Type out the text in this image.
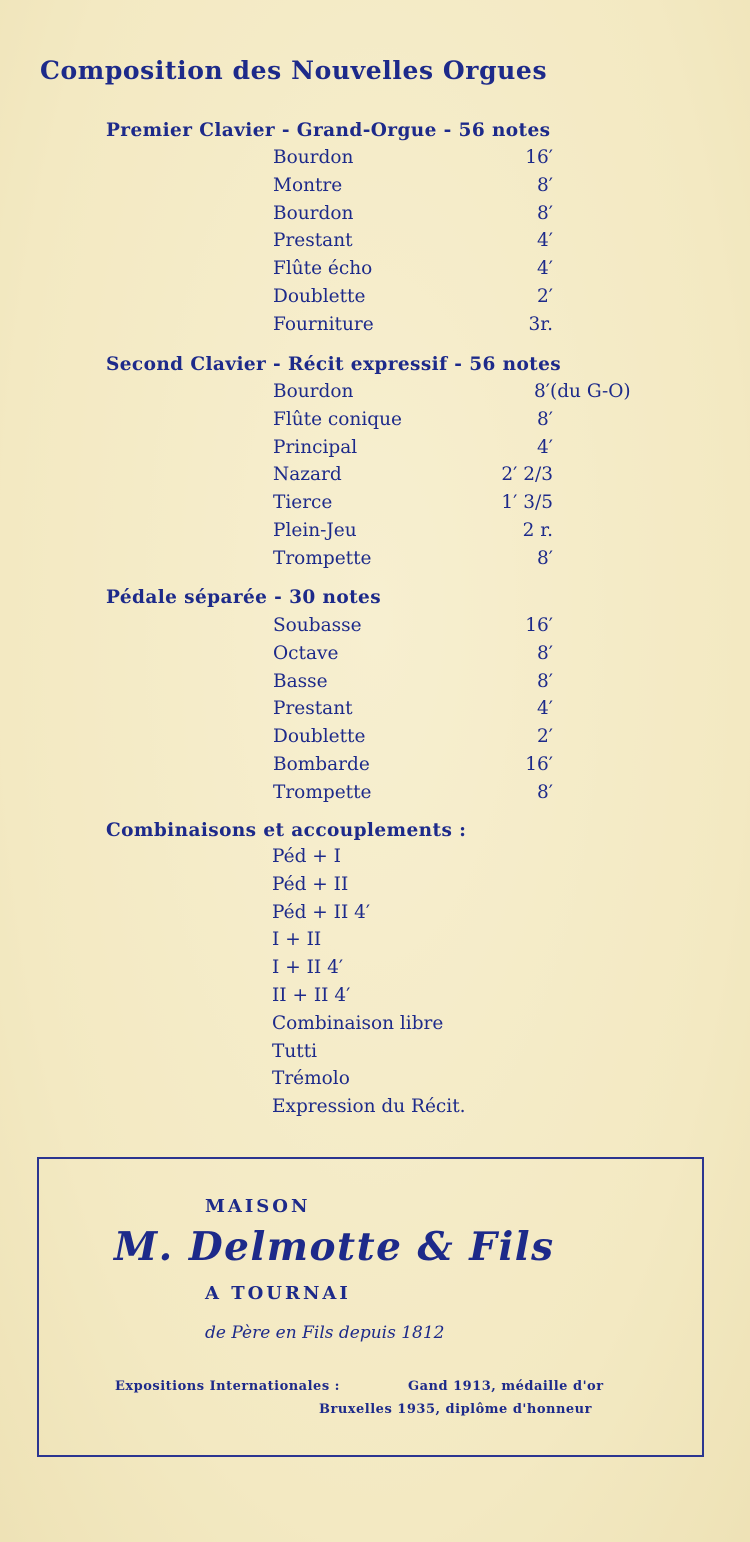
Composition des Nouvelles Orgues
Premier Clavier - Grand-Orgue - 56 notes
Bourdon	16′
Montre	8′
Bourdon	8′
Prestant	4′
Flûte écho	4′
Doublette	2′
Fourniture	3r.
Second Clavier - Récit expressif - 56 notes
Bourdon	8′(du G-O)
Flûte conique	8′
Principal	4′
Nazard	2′ 2/3
Tierce	1′ 3/5
Plein-Jeu	2 r.
Trompette	8′
Pédale séparée - 30 notes
Soubasse	16′
Octave	8′
Basse	8′
Prestant	4′
Doublette	2′
Bombarde	16′
Trompette	8′
Combinaisons et accouplements :
Péd + I
Péd + II
Péd + II 4′
I + II
I + II 4′
II + II 4′
Combinaison libre
Tutti
Trémolo
Expression du Récit.
MAISON
M. Delmotte & Fils
A TOURNAI
de Père en Fils depuis 1812
Expositions Internationales :	Gand 1913, médaille d'or
Bruxelles 1935, diplôme d'honneur
